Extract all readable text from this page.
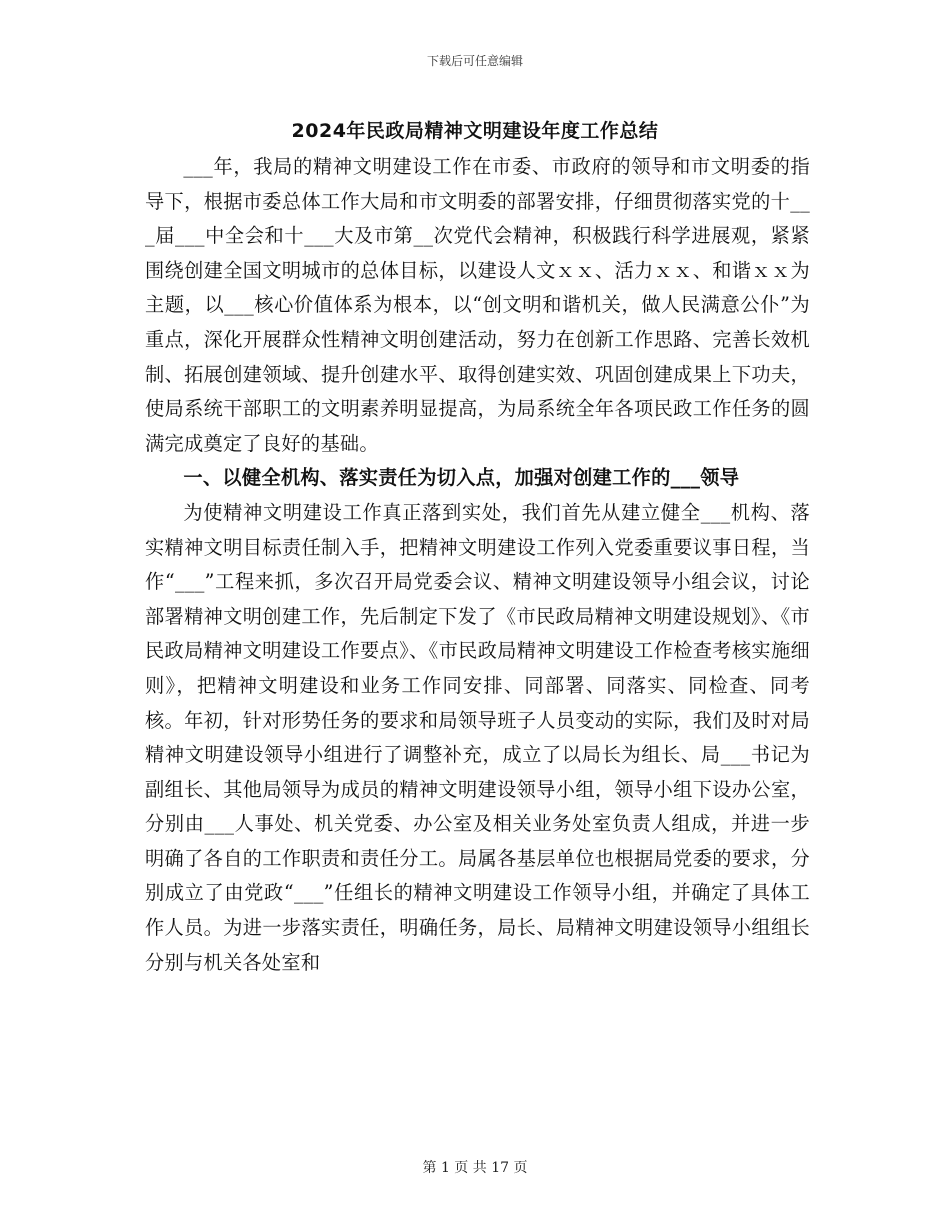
下载后可任意编辑
2024年民政局精神文明建设年度工作总结

___年，我局的精神文明建设工作在市委、市政府的领导和市文明委的指导下，根据市委总体工作大局和市文明委的部署安排，仔细贯彻落实党的十___届___中全会和十___大及市第__次党代会精神，积极践行科学进展观，紧紧围绕创建全国文明城市的总体目标，以建设人文ｘｘ、活力ｘｘ、和谐ｘｘ为主题，以___核心价值体系为根本，以“创文明和谐机关，做人民满意公仆”为重点，深化开展群众性精神文明创建活动，努力在创新工作思路、完善长效机制、拓展创建领域、提升创建水平、取得创建实效、巩固创建成果上下功夫，使局系统干部职工的文明素养明显提高，为局系统全年各项民政工作任务的圆满完成奠定了良好的基础。

一、以健全机构、落实责任为切入点，加强对创建工作的___领导

为使精神文明建设工作真正落到实处，我们首先从建立健全___机构、落实精神文明目标责任制入手，把精神文明建设工作列入党委重要议事日程，当作“___”工程来抓，多次召开局党委会议、精神文明建设领导小组会议，讨论部署精神文明创建工作，先后制定下发了《市民政局精神文明建设规划》、《市民政局精神文明建设工作要点》、《市民政局精神文明建设工作检查考核实施细则》，把精神文明建设和业务工作同安排、同部署、同落实、同检查、同考核。年初，针对形势任务的要求和局领导班子人员变动的实际，我们及时对局精神文明建设领导小组进行了调整补充，成立了以局长为组长、局___书记为副组长、其他局领导为成员的精神文明建设领导小组，领导小组下设办公室，分别由___人事处、机关党委、办公室及相关业务处室负责人组成，并进一步明确了各自的工作职责和责任分工。局属各基层单位也根据局党委的要求，分别成立了由党政“___”任组长的精神文明建设工作领导小组，并确定了具体工作人员。为进一步落实责任，明确任务，局长、局精神文明建设领导小组组长分别与机关各处室和

第 1 页 共 17 页
